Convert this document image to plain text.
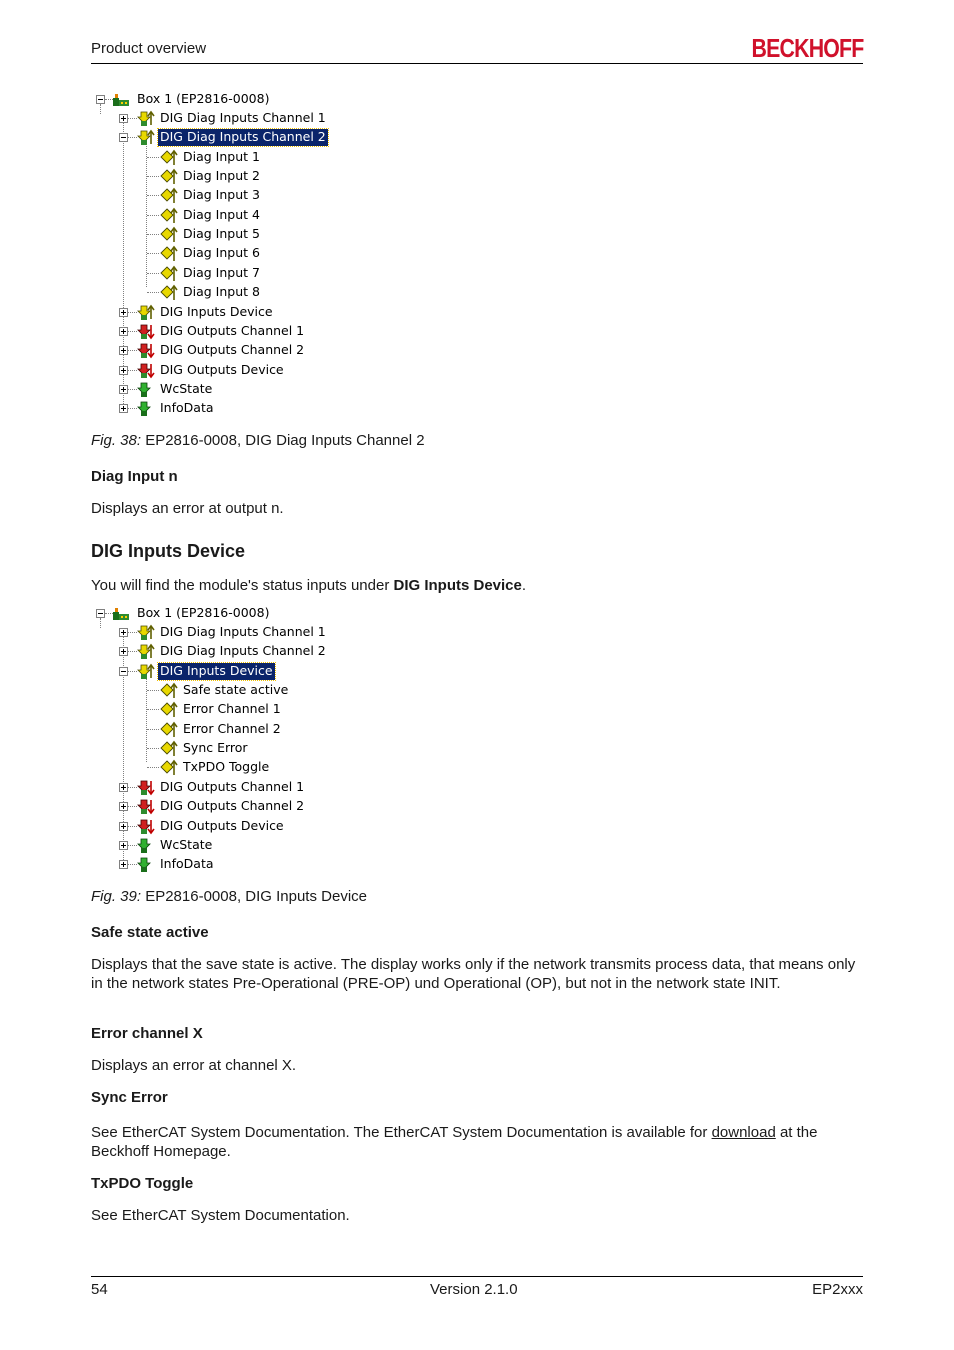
Product overview	BECKHOFF
Box 1 (EP2816-0008)
DIG Diag Inputs Channel 1
DIG Diag Inputs Channel 2
Diag Input 1
Diag Input 2
Diag Input 3
Diag Input 4
Diag Input 5
Diag Input 6
Diag Input 7
Diag Input 8
DIG Inputs Device
DIG Outputs Channel 1
DIG Outputs Channel 2
DIG Outputs Device
WcState
InfoData
Fig. 38: EP2816-0008, DIG Diag Inputs Channel 2
Diag Input n
Displays an error at output n.
DIG Inputs Device
You will find the module's status inputs under DIG Inputs Device.
Box 1 (EP2816-0008)
DIG Diag Inputs Channel 1
DIG Diag Inputs Channel 2
DIG Inputs Device
Safe state active
Error Channel 1
Error Channel 2
Sync Error
TxPDO Toggle
DIG Outputs Channel 1
DIG Outputs Channel 2
DIG Outputs Device
WcState
InfoData
Fig. 39: EP2816-0008, DIG Inputs Device
Safe state active
Displays that the save state is active. The display works only if the network transmits process data, that means only in the network states Pre-Operational (PRE-OP) und Operational (OP), but not in the network state INIT.
Error channel X
Displays an error at channel X.
Sync Error
See EtherCAT System Documentation. The EtherCAT System Documentation is available for download at the Beckhoff Homepage.
TxPDO Toggle
See EtherCAT System Documentation.
54	Version 2.1.0	EP2xxx
